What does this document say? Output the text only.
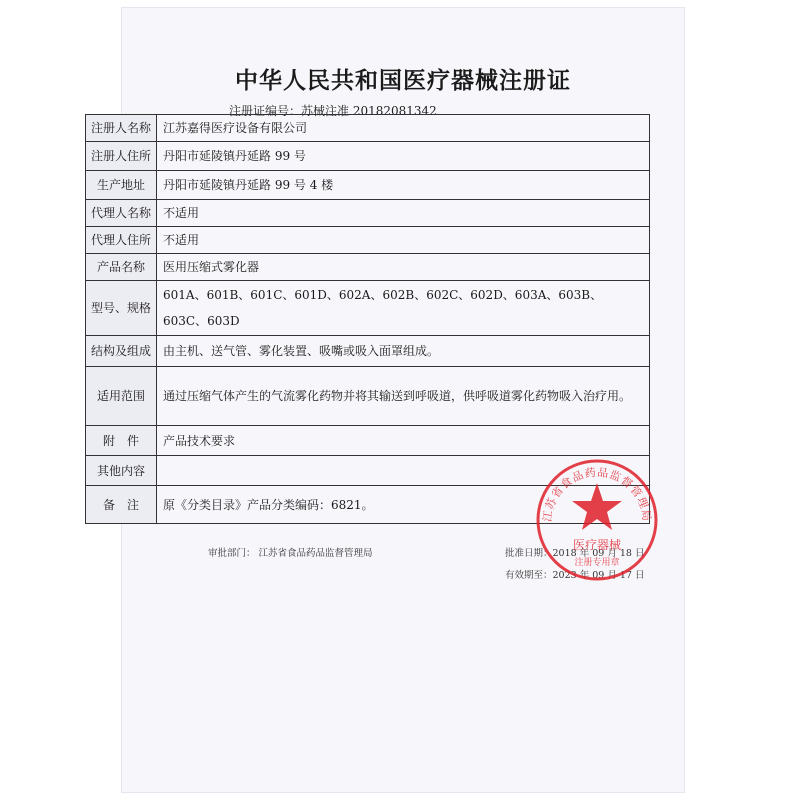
中华人民共和国医疗器械注册证
注册证编号：苏械注准 20182081342
注册人名称	江苏嘉得医疗设备有限公司
注册人住所	丹阳市延陵镇丹延路 99 号
生产地址	丹阳市延陵镇丹延路 99 号 4 楼
代理人名称	不适用
代理人住所	不适用
产品名称	医用压缩式雾化器
型号、规格	601A、601B、601C、601D、602A、602B、602C、602D、603A、603B、603C、603D
结构及组成	由主机、送气管、雾化装置、吸嘴或吸入面罩组成。
适用范围	通过压缩气体产生的气流雾化药物并将其输送到呼吸道，供呼吸道雾化药物吸入治疗用。
附　件	产品技术要求
其他内容	
备　注	原《分类目录》产品分类编码：6821。
审批部门： 江苏省食品药品监督管理局	批准日期：2018 年 09 月 18 日
有效期至：2023 年 09 月 17 日
江苏省食品药品监督管理局
医疗器械
注册专用章
